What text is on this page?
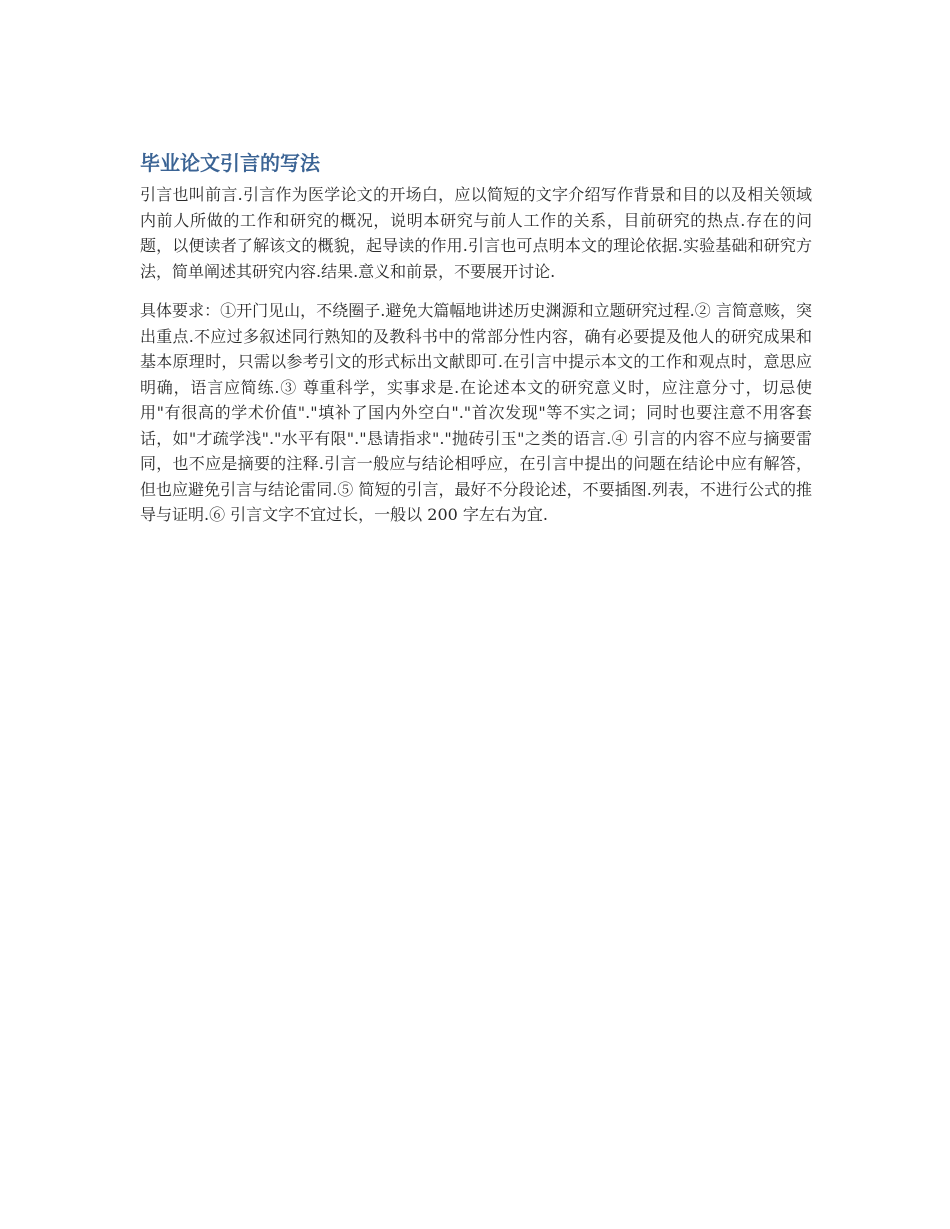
毕业论文引言的写法

引言也叫前言.引言作为医学论文的开场白，应以简短的文字介绍写作背景和目的以及相关领域内前人所做的工作和研究的概况，说明本研究与前人工作的关系，目前研究的热点.存在的问题，以便读者了解该文的概貌，起导读的作用.引言也可点明本文的理论依据.实验基础和研究方法，简单阐述其研究内容.结果.意义和前景，不要展开讨论.

具体要求：①开门见山，不绕圈子.避免大篇幅地讲述历史渊源和立题研究过程.② 言简意赅，突出重点.不应过多叙述同行熟知的及教科书中的常部分性内容，确有必要提及他人的研究成果和基本原理时，只需以参考引文的形式标出文献即可.在引言中提示本文的工作和观点时，意思应明确，语言应简练.③ 尊重科学，实事求是.在论述本文的研究意义时，应注意分寸，切忌使用"有很高的学术价值"."填补了国内外空白"."首次发现"等不实之词；同时也要注意不用客套话，如"才疏学浅"."水平有限"."恳请指求"."抛砖引玉"之类的语言.④ 引言的内容不应与摘要雷同，也不应是摘要的注释.引言一般应与结论相呼应，在引言中提出的问题在结论中应有解答，但也应避免引言与结论雷同.⑤ 简短的引言，最好不分段论述，不要插图.列表，不进行公式的推导与证明.⑥ 引言文字不宜过长，一般以 200 字左右为宜.
